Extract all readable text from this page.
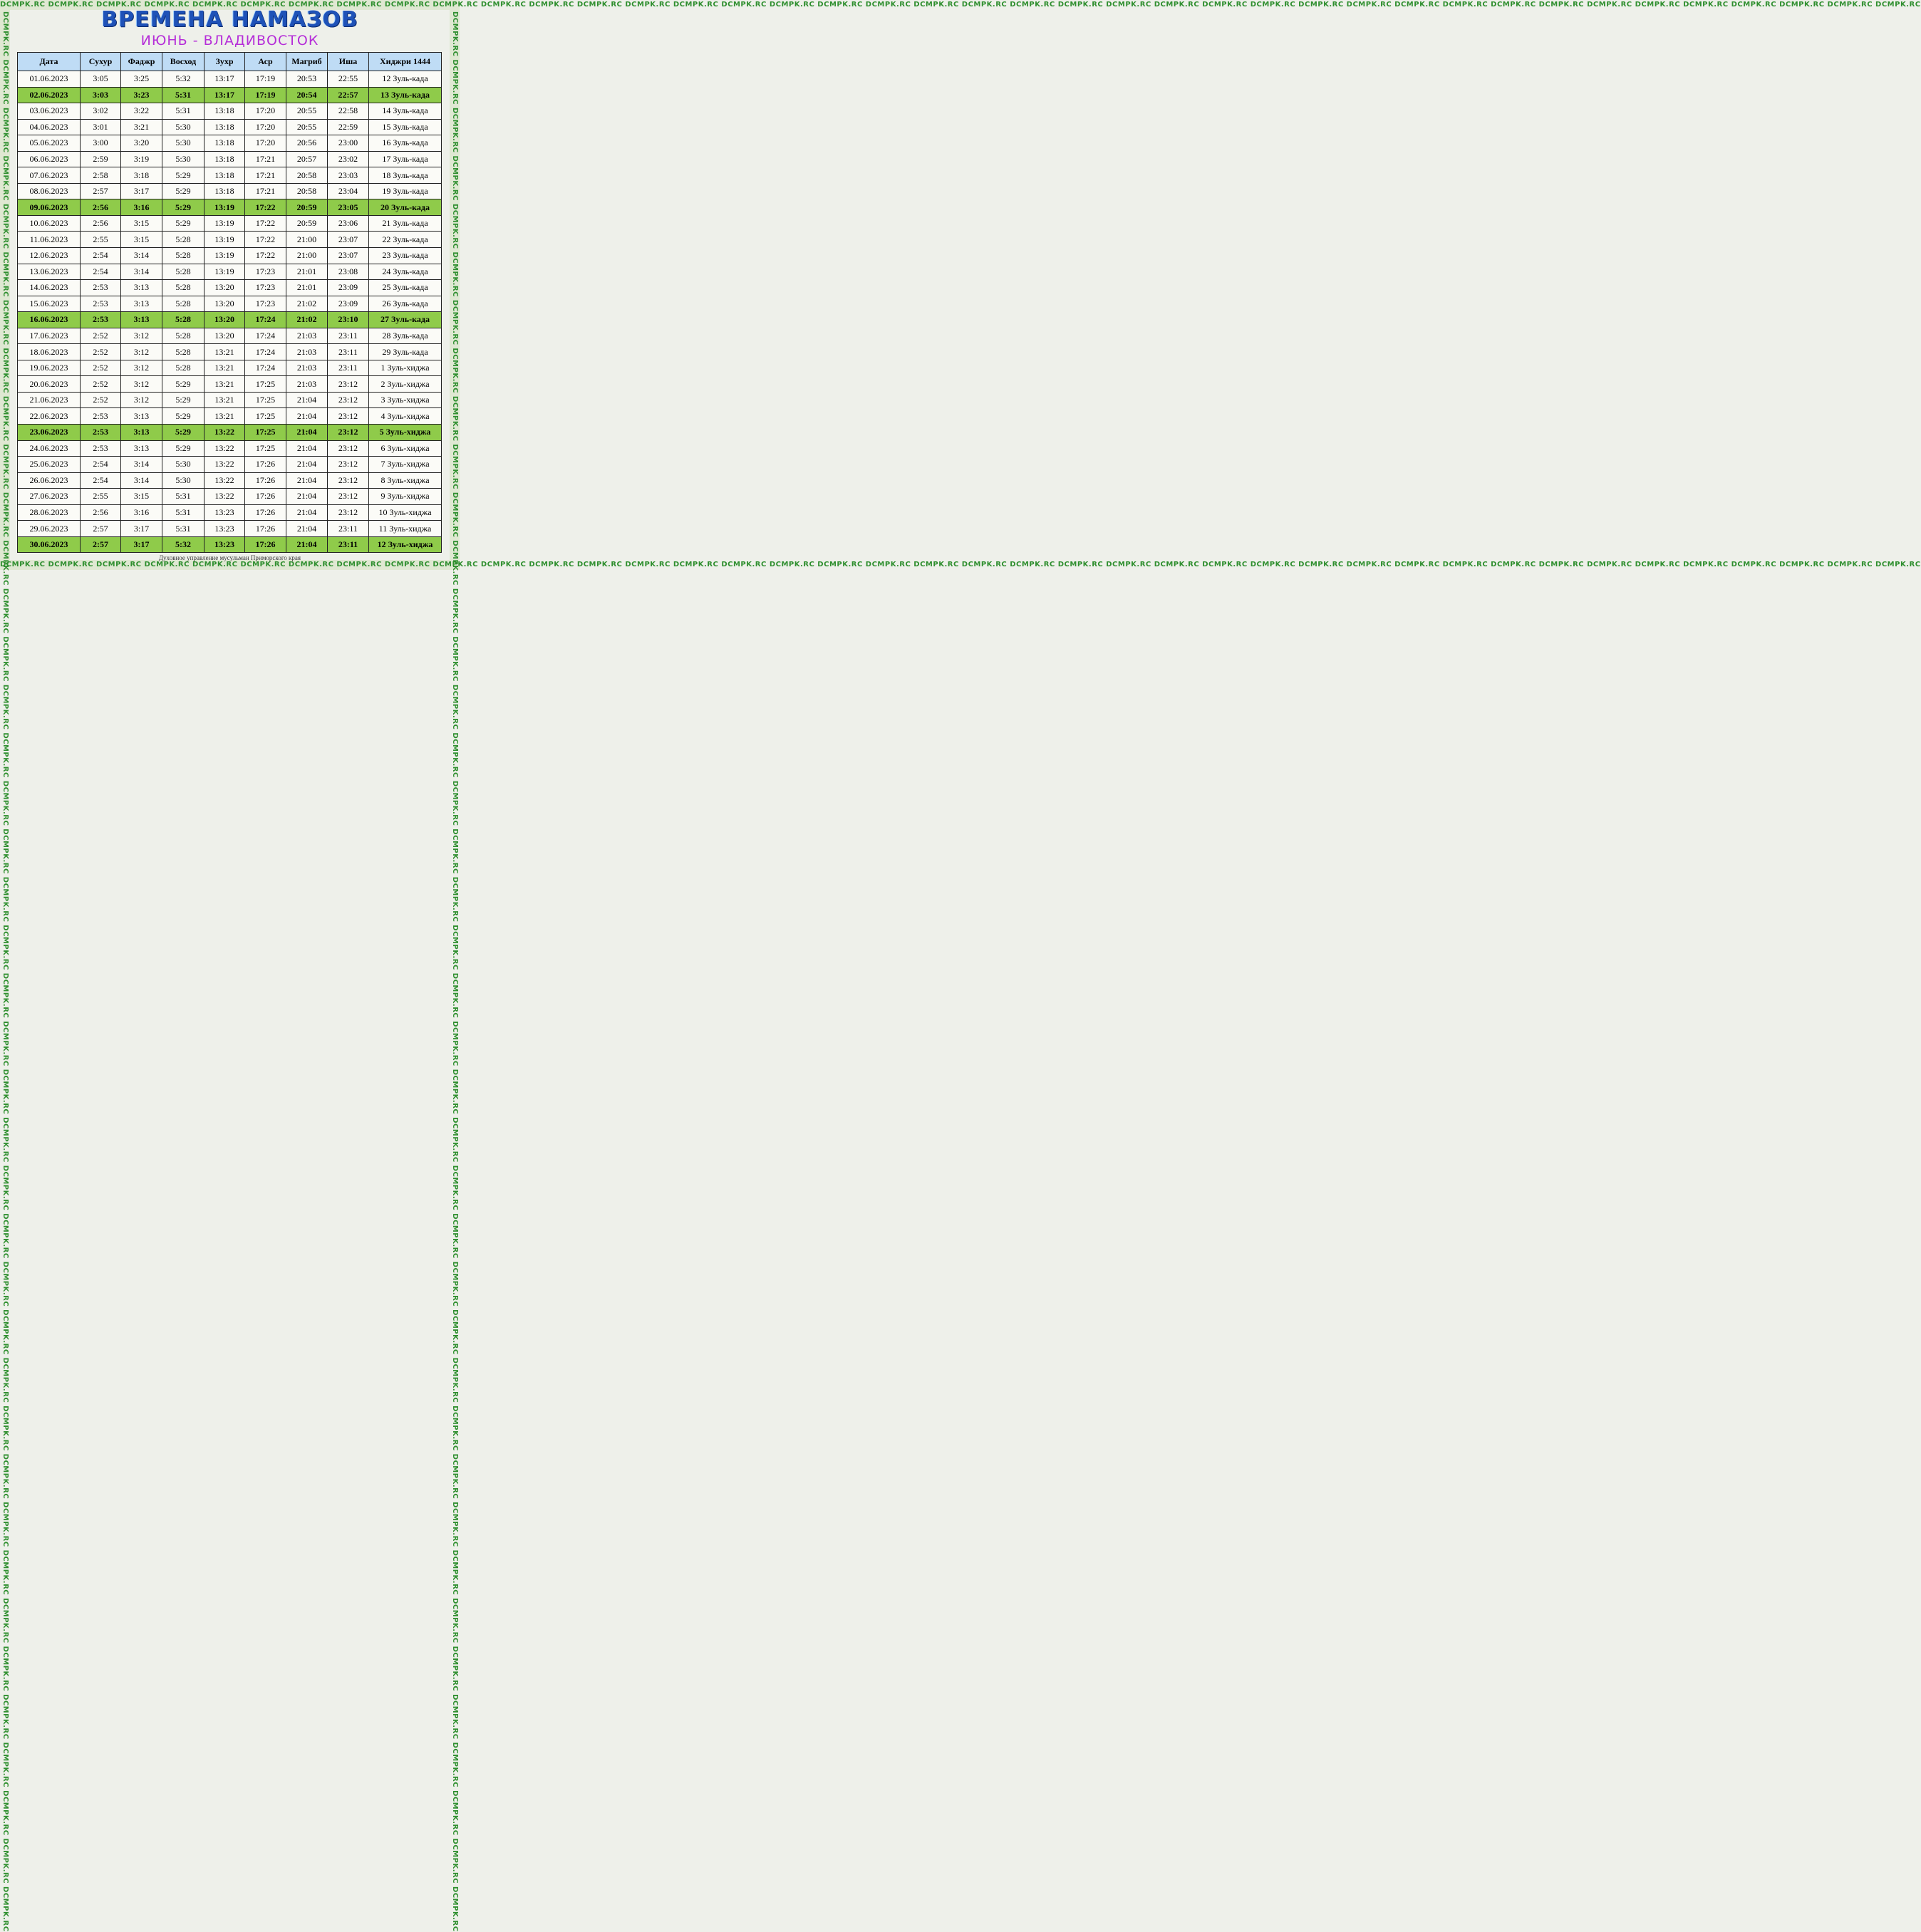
DCMPK.RC DCMPK.RC DCMPK.RC DCMPK.RC DCMPK.RC DCMPK.RC DCMPK.RC DCMPK.RC DCMPK.RC DCMPK.RC DCMPK.RC DCMPK.RC DCMPK.RC DCMPK.RC DCMPK.RC DCMPK.RC DCMPK.RC DCMPK.RC DCMPK.RC DCMPK.RC DCMPK.RC DCMPK.RC DCMPK.RC DCMPK.RC DCMPK.RC DCMPK.RC DCMPK.RC DCMPK.RC DCMPK.RC DCMPK.RC DCMPK.RC DCMPK.RC DCMPK.RC DCMPK.RC DCMPK.RC DCMPK.RC DCMPK.RC DCMPK.RC DCMPK.RC DCMPK.RC
DCMPK.RC DCMPK.RC DCMPK.RC DCMPK.RC DCMPK.RC DCMPK.RC DCMPK.RC DCMPK.RC DCMPK.RC DCMPK.RC DCMPK.RC DCMPK.RC DCMPK.RC DCMPK.RC DCMPK.RC DCMPK.RC DCMPK.RC DCMPK.RC DCMPK.RC DCMPK.RC DCMPK.RC DCMPK.RC DCMPK.RC DCMPK.RC DCMPK.RC DCMPK.RC DCMPK.RC DCMPK.RC DCMPK.RC DCMPK.RC DCMPK.RC DCMPK.RC DCMPK.RC DCMPK.RC DCMPK.RC DCMPK.RC DCMPK.RC DCMPK.RC DCMPK.RC DCMPK.RC
DCMPK.RC DCMPK.RC DCMPK.RC DCMPK.RC DCMPK.RC DCMPK.RC DCMPK.RC DCMPK.RC DCMPK.RC DCMPK.RC DCMPK.RC DCMPK.RC DCMPK.RC DCMPK.RC DCMPK.RC DCMPK.RC DCMPK.RC DCMPK.RC DCMPK.RC DCMPK.RC DCMPK.RC DCMPK.RC DCMPK.RC DCMPK.RC DCMPK.RC DCMPK.RC DCMPK.RC DCMPK.RC DCMPK.RC DCMPK.RC DCMPK.RC DCMPK.RC DCMPK.RC DCMPK.RC DCMPK.RC DCMPK.RC DCMPK.RC DCMPK.RC DCMPK.RC DCMPK.RC	DCMPK.RC DCMPK.RC DCMPK.RC DCMPK.RC DCMPK.RC DCMPK.RC DCMPK.RC DCMPK.RC DCMPK.RC DCMPK.RC DCMPK.RC DCMPK.RC DCMPK.RC DCMPK.RC DCMPK.RC DCMPK.RC DCMPK.RC DCMPK.RC DCMPK.RC DCMPK.RC DCMPK.RC DCMPK.RC DCMPK.RC DCMPK.RC DCMPK.RC DCMPK.RC DCMPK.RC DCMPK.RC DCMPK.RC DCMPK.RC DCMPK.RC DCMPK.RC DCMPK.RC DCMPK.RC DCMPK.RC DCMPK.RC DCMPK.RC DCMPK.RC DCMPK.RC DCMPK.RC
ВРЕМЕНА НАМАЗОВ
ИЮНЬ - ВЛАДИВОСТОК
Дата	Сухур	Фаджр	Восход	Зухр	Аср	Магриб	Иша	Хиджри 1444
01.06.2023	3:05	3:25	5:32	13:17	17:19	20:53	22:55	12 Зуль-када
02.06.2023	3:03	3:23	5:31	13:17	17:19	20:54	22:57	13 Зуль-када
03.06.2023	3:02	3:22	5:31	13:18	17:20	20:55	22:58	14 Зуль-када
04.06.2023	3:01	3:21	5:30	13:18	17:20	20:55	22:59	15 Зуль-када
05.06.2023	3:00	3:20	5:30	13:18	17:20	20:56	23:00	16 Зуль-када
06.06.2023	2:59	3:19	5:30	13:18	17:21	20:57	23:02	17 Зуль-када
07.06.2023	2:58	3:18	5:29	13:18	17:21	20:58	23:03	18 Зуль-када
08.06.2023	2:57	3:17	5:29	13:18	17:21	20:58	23:04	19 Зуль-када
09.06.2023	2:56	3:16	5:29	13:19	17:22	20:59	23:05	20 Зуль-када
10.06.2023	2:56	3:15	5:29	13:19	17:22	20:59	23:06	21 Зуль-када
11.06.2023	2:55	3:15	5:28	13:19	17:22	21:00	23:07	22 Зуль-када
12.06.2023	2:54	3:14	5:28	13:19	17:22	21:00	23:07	23 Зуль-када
13.06.2023	2:54	3:14	5:28	13:19	17:23	21:01	23:08	24 Зуль-када
14.06.2023	2:53	3:13	5:28	13:20	17:23	21:01	23:09	25 Зуль-када
15.06.2023	2:53	3:13	5:28	13:20	17:23	21:02	23:09	26 Зуль-када
16.06.2023	2:53	3:13	5:28	13:20	17:24	21:02	23:10	27 Зуль-када
17.06.2023	2:52	3:12	5:28	13:20	17:24	21:03	23:11	28 Зуль-када
18.06.2023	2:52	3:12	5:28	13:21	17:24	21:03	23:11	29 Зуль-када
19.06.2023	2:52	3:12	5:28	13:21	17:24	21:03	23:11	1 Зуль-хиджа
20.06.2023	2:52	3:12	5:29	13:21	17:25	21:03	23:12	2 Зуль-хиджа
21.06.2023	2:52	3:12	5:29	13:21	17:25	21:04	23:12	3 Зуль-хиджа
22.06.2023	2:53	3:13	5:29	13:21	17:25	21:04	23:12	4 Зуль-хиджа
23.06.2023	2:53	3:13	5:29	13:22	17:25	21:04	23:12	5 Зуль-хиджа
24.06.2023	2:53	3:13	5:29	13:22	17:25	21:04	23:12	6 Зуль-хиджа
25.06.2023	2:54	3:14	5:30	13:22	17:26	21:04	23:12	7 Зуль-хиджа
26.06.2023	2:54	3:14	5:30	13:22	17:26	21:04	23:12	8 Зуль-хиджа
27.06.2023	2:55	3:15	5:31	13:22	17:26	21:04	23:12	9 Зуль-хиджа
28.06.2023	2:56	3:16	5:31	13:23	17:26	21:04	23:12	10 Зуль-хиджа
29.06.2023	2:57	3:17	5:31	13:23	17:26	21:04	23:11	11 Зуль-хиджа
30.06.2023	2:57	3:17	5:32	13:23	17:26	21:04	23:11	12 Зуль-хиджа
Духовное управление мусульман Приморского края
